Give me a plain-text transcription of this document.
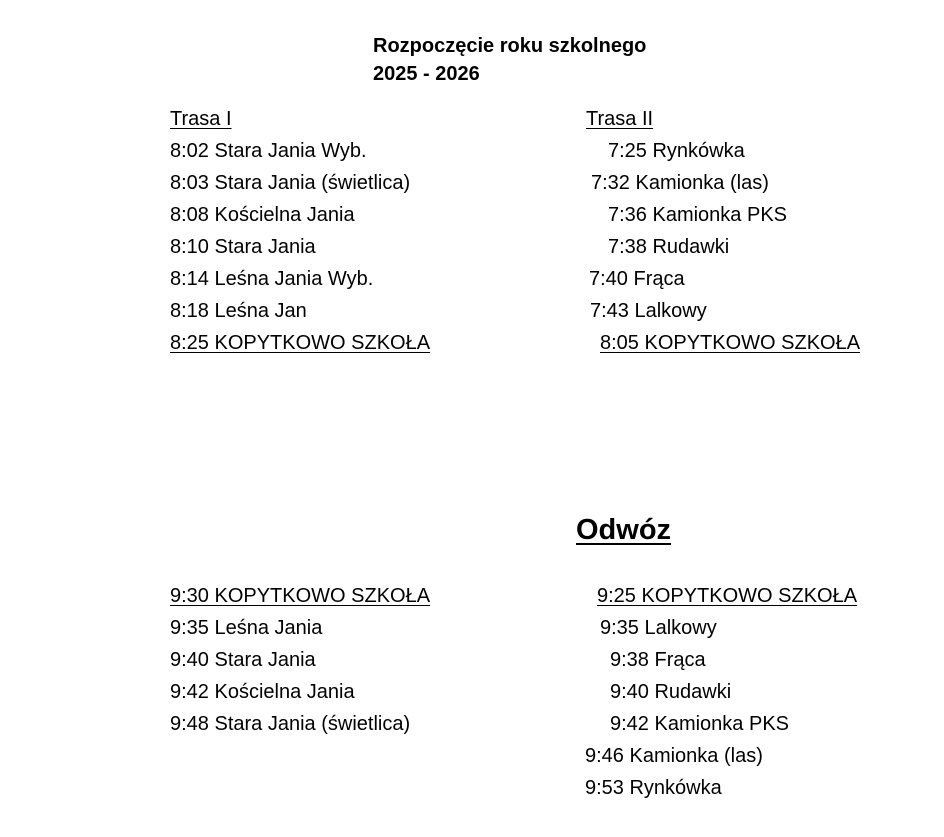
Rozpoczęcie roku szkolnego
2025 - 2026
Trasa I
8:02 Stara Jania Wyb.
8:03 Stara Jania (świetlica)
8:08 Kościelna Jania
8:10 Stara Jania
8:14 Leśna Jania Wyb.
8:18 Leśna Jan
8:25 KOPYTKOWO SZKOŁA
Trasa II
7:25 Rynkówka
7:32 Kamionka (las)
7:36 Kamionka PKS
7:38 Rudawki
7:40 Frąca
7:43 Lalkowy
8:05 KOPYTKOWO SZKOŁA
Odwóz
9:30 KOPYTKOWO SZKOŁA
9:35 Leśna Jania
9:40 Stara Jania
9:42 Kościelna Jania
9:48 Stara Jania (świetlica)
9:25 KOPYTKOWO SZKOŁA
9:35 Lalkowy
9:38 Frąca
9:40 Rudawki
9:42 Kamionka PKS
9:46 Kamionka (las)
9:53 Rynkówka
